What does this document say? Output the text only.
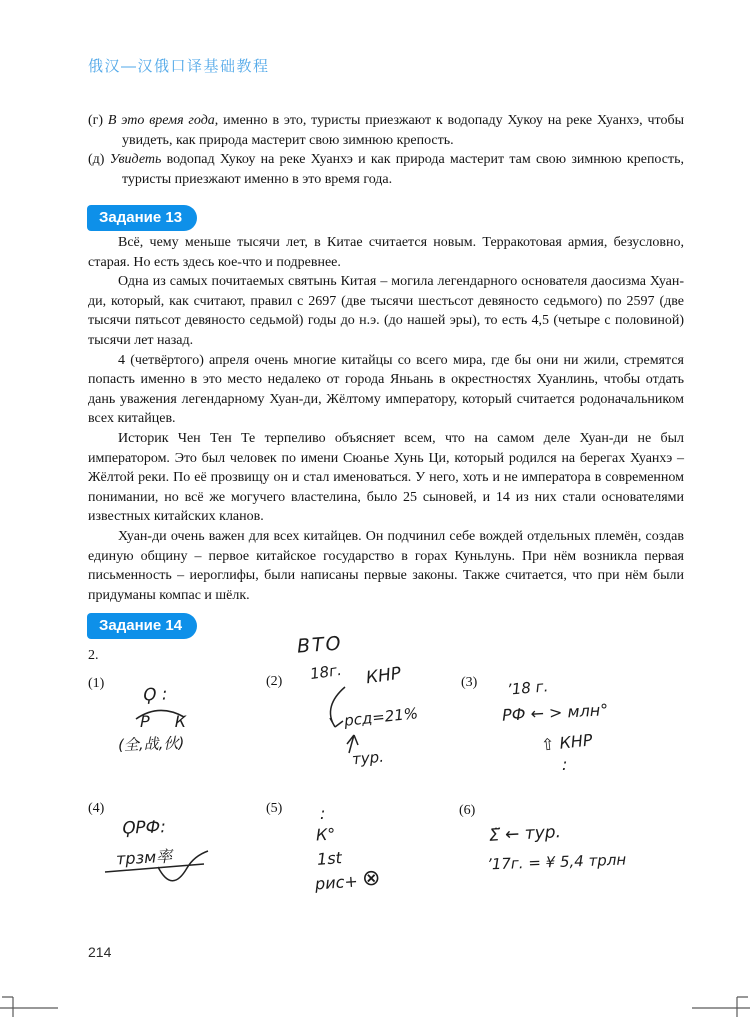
俄汉—汉俄口译基础教程
(г) В это время года, именно в это, туристы приезжают к водопаду Хукоу на реке Хуанхэ, чтобы увидеть, как природа мастерит свою зимнюю крепость.
(д) Увидеть водопад Хукоу на реке Хуанхэ и как природа мастерит там свою зимнюю крепость, туристы приезжают именно в это время года.
Задание 13

Всё, чему меньше тысячи лет, в Китае считается новым. Терракотовая армия, безусловно, старая. Но есть здесь кое-что и подревнее.

Одна из самых почитаемых святынь Китая – могила легендарного основателя даосизма Хуан-ди, который, как считают, правил с 2697 (две тысячи шестьсот девяносто седьмого) по 2597 (две тысячи пятьсот девяносто седьмой) годы до н.э. (до нашей эры), то есть 4,5 (четыре с половиной) тысячи лет назад.

4 (четвёртого) апреля очень многие китайцы со всего мира, где бы они ни жили, стремятся попасть именно в это место недалеко от города Яньань в окрестностях Хуанлинь, чтобы отдать дань уважения легендарному Хуан-ди, Жёлтому императору, который считается родоначальником всех китайцев.

Историк Чен Тен Те терпеливо объясняет всем, что на самом деле Хуан-ди не был императором. Это был человек по имени Сюанье Хунь Ци, который родился на берегах Хуанхэ – Жёлтой реки. По её прозвищу он и стал именоваться. У него, хоть и не императора в современном понимании, но всё же могучего властелина, было 25 сыновей, и 14 из них стали основателями известных китайских кланов.

Хуан-ди очень важен для всех китайцев. Он подчинил себе вождей отдельных племён, создав единую общину – первое китайское государство в горах Куньлунь. При нём возникла первая письменность – иероглифы, были написаны первые законы. Также считается, что при нём были придуманы компас и шёлк.

Задание 14
2.
(1)	(2)	(3)
(4)	(5)	(6)
Ϙ :
Р К
(全,战,伙)
ВТО
18г. КНР
рсд=21%
тур.
’18 г.
РФ ← > млн°
⇧ КНР
:
ϘРФ:
трзм率
:
К°
1st
рис+ ⊗
Σ̈ ← тур.
’17г. = ¥ 5,4 трлн
214
